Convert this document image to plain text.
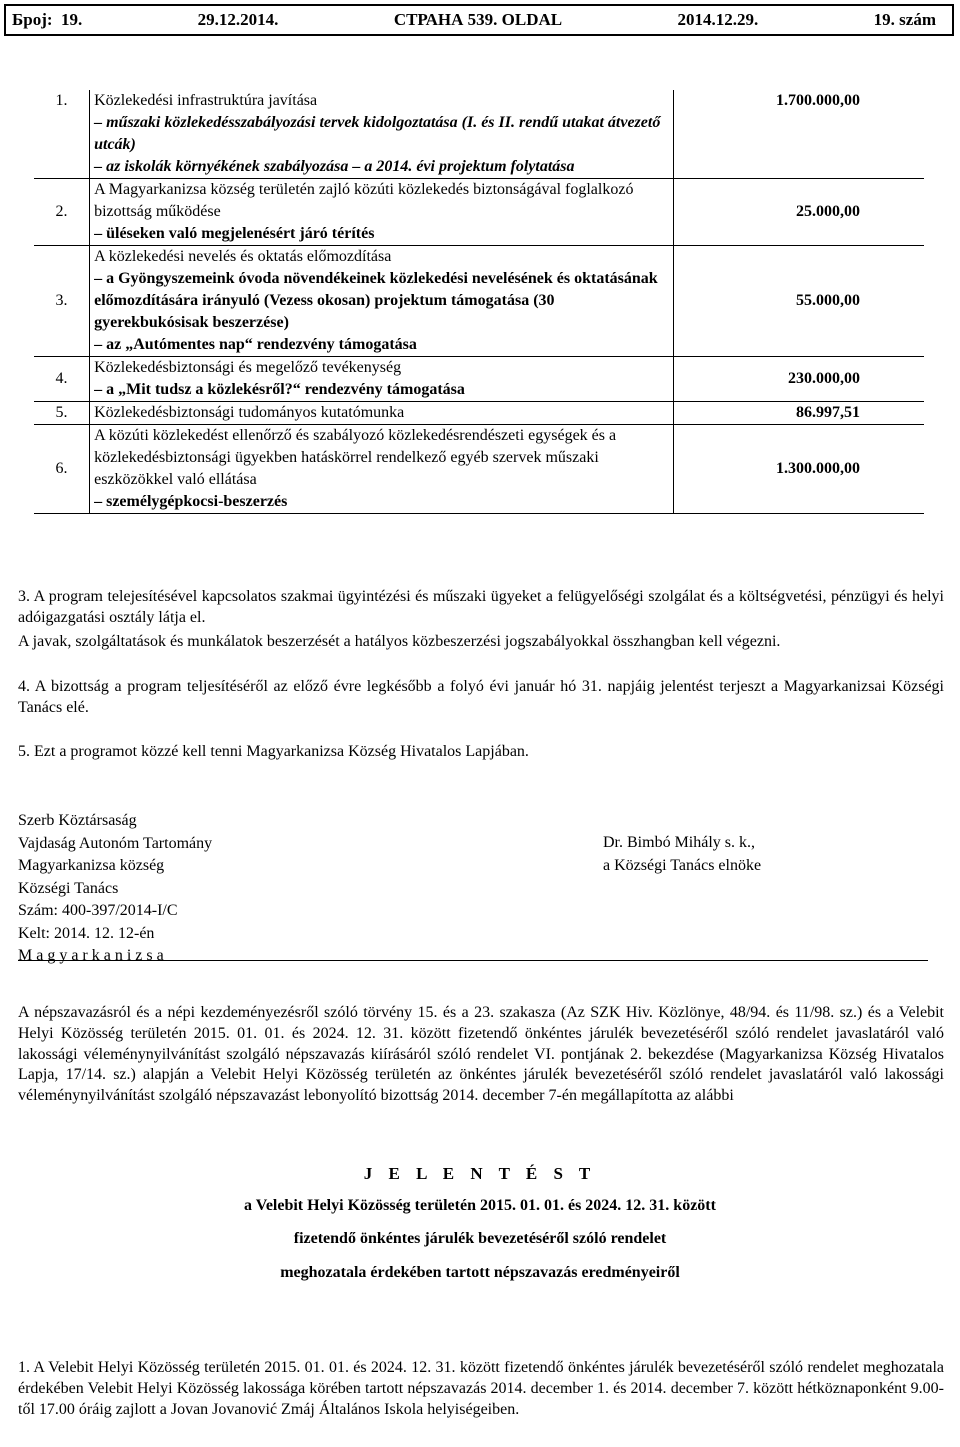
Број: 19.	29.12.2014.	СТРАНА 539. OLDAL	2014.12.29.	19. szám
1.	Közlekedési infrastruktúra javítása
– műszaki közlekedésszabályozási tervek kidolgoztatása (I. és II. rendű utakat átvezető utcák)
– az iskolák környékének szabályozása – a 2014. évi projektum folytatása	1.700.000,00
2.	A Magyarkanizsa község területén zajló közúti közlekedés biztonságával foglalkozó bizottság működése
– üléseken való megjelenésért járó térítés	25.000,00
3.	A közlekedési nevelés és oktatás előmozdítása
– a Gyöngyszemeink óvoda növendékeinek közlekedési nevelésének és oktatásának előmozdítására irányuló (Vezess okosan) projektum támogatása (30 gyerekbukósisak beszerzése)
– az „Autómentes nap“ rendezvény támogatása	55.000,00
4.	Közlekedésbiztonsági és megelőző tevékenység
– a „Mit tudsz a közlekésről?“ rendezvény támogatása	230.000,00
5.	Közlekedésbiztonsági tudományos kutatómunka	86.997,51
6.	A közúti közlekedést ellenőrző és szabályozó közlekedésrendészeti egységek és a közlekedésbiztonsági ügyekben hatáskörrel rendelkező egyéb szervek műszaki eszközökkel való ellátása
– személygépkocsi-beszerzés	1.300.000,00
3. A program telejesítésével kapcsolatos szakmai ügyintézési és műszaki ügyeket a felügyelőségi szolgálat és a költségvetési, pénzügyi és helyi adóigazgatási osztály látja el.
A javak, szolgáltatások és munkálatok beszerzését a hatályos közbeszerzési jogszabályokkal összhangban kell végezni.
4. A bizottság a program teljesítéséről az előző évre legkésőbb a folyó évi január hó 31. napjáig jelentést terjeszt a Magyarkanizsai Községi Tanács elé.
5. Ezt a programot közzé kell tenni Magyarkanizsa Község Hivatalos Lapjában.
Szerb Köztársaság
Vajdaság Autonóm Tartomány
Magyarkanizsa község
Községi Tanács
Szám: 400-397/2014-I/C
Kelt: 2014. 12. 12-én
M a g y a r k a n i z s a
Dr. Bimbó Mihály s. k.,
a Községi Tanács elnöke
A népszavazásról és a népi kezdeményezésről szóló törvény 15. és a 23. szakasza (Az SZK Hiv. Közlönye, 48/94. és 11/98. sz.) és a Velebit Helyi Közösség területén 2015. 01. 01. és 2024. 12. 31. között fizetendő önkéntes járulék bevezetéséről szóló rendelet javaslatáról való lakossági véleménynyilvánítást szolgáló népszavazás kiírásáról szóló rendelet VI. pontjának 2. bekezdése (Magyarkanizsa Község Hivatalos Lapja, 17/14. sz.) alapján a Velebit Helyi Közösség területén az önkéntes járulék bevezetéséről szóló rendelet javaslatáról való lakossági véleménynyilvánítást szolgáló népszavazást lebonyolító bizottság 2014. december 7-én megállapította az alábbi
J E L E N T É S T
a Velebit Helyi Közösség területén 2015. 01. 01. és 2024. 12. 31. között
fizetendő önkéntes járulék bevezetéséről szóló rendelet
meghozatala érdekében tartott népszavazás eredményeiről
1. A Velebit Helyi Közösség területén 2015. 01. 01. és 2024. 12. 31. között fizetendő önkéntes járulék bevezetéséről szóló rendelet meghozatala érdekében Velebit Helyi Közösség lakossága körében tartott népszavazás 2014. december 1. és 2014. december 7. között hétköznaponként 9.00-től 17.00 óráig zajlott a Jovan Jovanović Zmáj Általános Iskola helyiségeiben.
